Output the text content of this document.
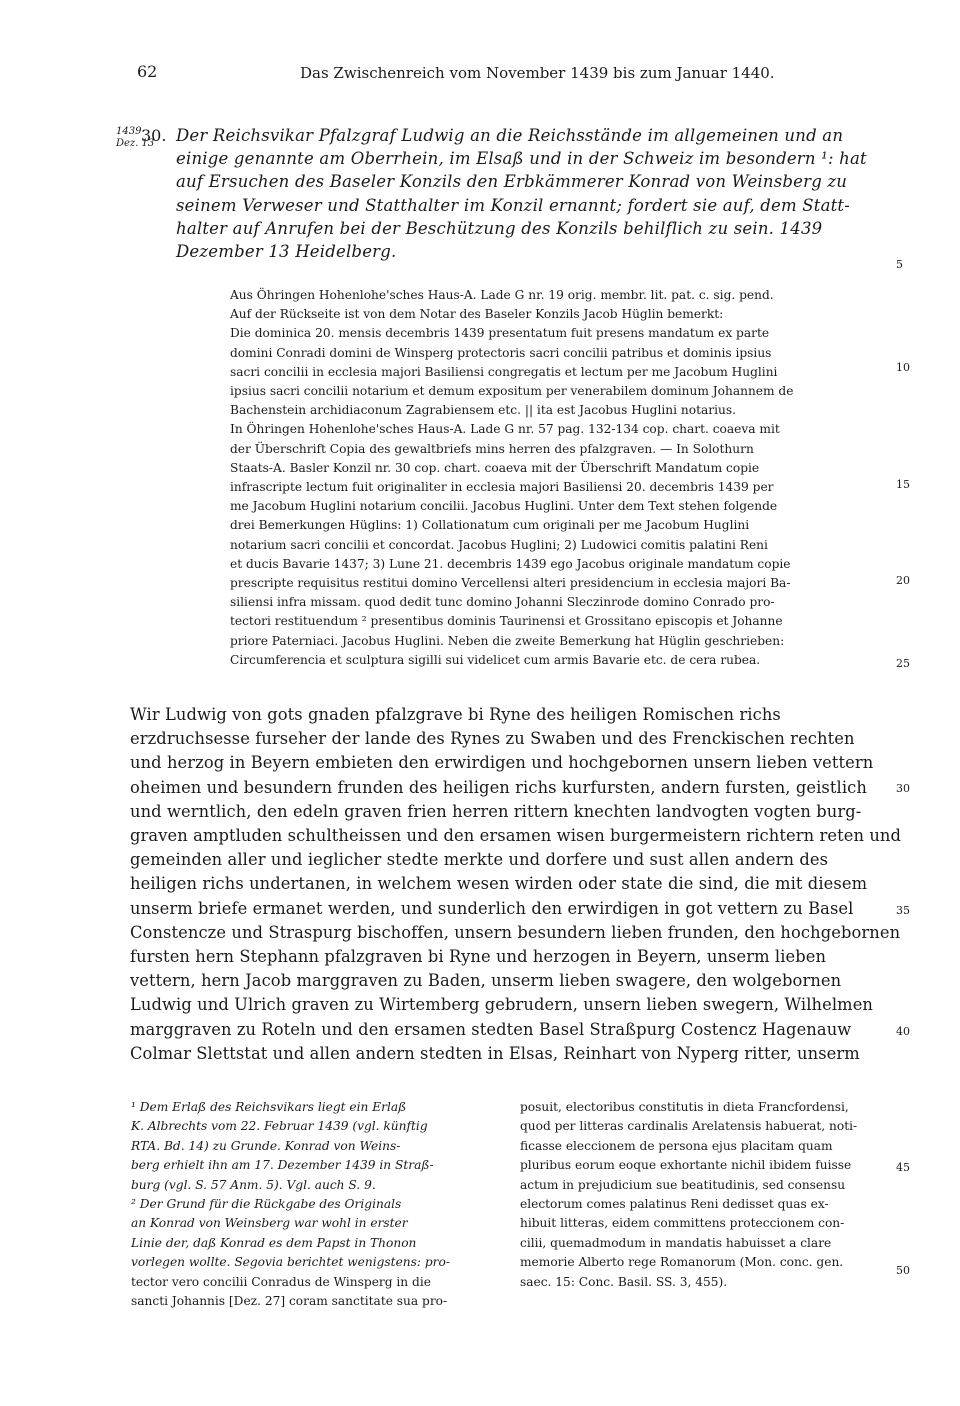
62	Das Zwischenreich vom November 1439 bis zum Januar 1440.
1439
Dez. 13
30. Der Reichsvikar Pfalzgraf Ludwig an die Reichsstände im allgemeinen und an
einige genannte am Oberrhein, im Elsaß und in der Schweiz im besondern ¹: hat
auf Ersuchen des Baseler Konzils den Erbkämmerer Konrad von Weinsberg zu
seinem Verweser und Statthalter im Konzil ernannt; fordert sie auf, dem Statt-
halter auf Anrufen bei der Beschützung des Konzils behilflich zu sein. 1439
Dezember 13 Heidelberg.
Aus Öhringen Hohenlohe'sches Haus-A. Lade G nr. 19 orig. membr. lit. pat. c. sig. pend.
Auf der Rückseite ist von dem Notar des Baseler Konzils Jacob Hüglin bemerkt:
Die dominica 20. mensis decembris 1439 presentatum fuit presens mandatum ex parte
domini Conradi domini de Winsperg protectoris sacri concilii patribus et dominis ipsius
sacri concilii in ecclesia majori Basiliensi congregatis et lectum per me Jacobum Huglini
ipsius sacri concilii notarium et demum expositum per venerabilem dominum Johannem de
Bachenstein archidiaconum Zagrabiensem etc. || ita est Jacobus Huglini notarius.
In Öhringen Hohenlohe'sches Haus-A. Lade G nr. 57 pag. 132-134 cop. chart. coaeva mit
der Überschrift Copia des gewaltbriefs mins herren des pfalzgraven. — In Solothurn
Staats-A. Basler Konzil nr. 30 cop. chart. coaeva mit der Überschrift Mandatum copie
infrascripte lectum fuit originaliter in ecclesia majori Basiliensi 20. decembris 1439 per
me Jacobum Huglini notarium concilii. Jacobus Huglini. Unter dem Text stehen folgende
drei Bemerkungen Hüglins: 1) Collationatum cum originali per me Jacobum Huglini
notarium sacri concilii et concordat. Jacobus Huglini; 2) Ludowici comitis palatini Reni
et ducis Bavarie 1437; 3) Lune 21. decembris 1439 ego Jacobus originale mandatum copie
prescripte requisitus restitui domino Vercellensi alteri presidencium in ecclesia majori Ba-
siliensi infra missam. quod dedit tunc domino Johanni Sleczinrode domino Conrado pro-
tectori restituendum ² presentibus dominis Taurinensi et Grossitano episcopis et Johanne
priore Paterniaci. Jacobus Huglini. Neben die zweite Bemerkung hat Hüglin geschrieben:
Circumferencia et sculptura sigilli sui videlicet cum armis Bavarie etc. de cera rubea.
Wir Ludwig von gots gnaden pfalzgrave bi Ryne des heiligen Romischen richs
erzdruchsesse furseher der lande des Rynes zu Swaben und des Frenckischen rechten
und herzog in Beyern embieten den erwirdigen und hochgebornen unsern lieben vettern
oheimen und besundern frunden des heiligen richs kurfursten, andern fursten, geistlich
und werntlich, den edeln graven frien herren rittern knechten landvogten vogten burg-
graven amptluden schultheissen und den ersamen wisen burgermeistern richtern reten und
gemeinden aller und ieglicher stedte merkte und dorfere und sust allen andern des
heiligen richs undertanen, in welchem wesen wirden oder state die sind, die mit diesem
unserm briefe ermanet werden, und sunderlich den erwirdigen in got vettern zu Basel
Constencze und Straspurg bischoffen, unsern besundern lieben frunden, den hochgebornen
fursten hern Stephann pfalzgraven bi Ryne und herzogen in Beyern, unserm lieben
vettern, hern Jacob marggraven zu Baden, unserm lieben swagere, den wolgebornen
Ludwig und Ulrich graven zu Wirtemberg gebrudern, unsern lieben swegern, Wilhelmen
marggraven zu Roteln und den ersamen stedten Basel Straßpurg Costencz Hagenauw
Colmar Slettstat und allen andern stedten in Elsas, Reinhart von Nyperg ritter, unserm
¹ Dem Erlaß des Reichsvikars liegt ein Erlaß
K. Albrechts vom 22. Februar 1439 (vgl. künftig
RTA. Bd. 14) zu Grunde. Konrad von Weins-
berg erhielt ihn am 17. Dezember 1439 in Straß-
burg (vgl. S. 57 Anm. 5). Vgl. auch S. 9.
² Der Grund für die Rückgabe des Originals
an Konrad von Weinsberg war wohl in erster
Linie der, daß Konrad es dem Papst in Thonon
vorlegen wollte. Segovia berichtet wenigstens: pro-
tector vero concilii Conradus de Winsperg in die
sancti Johannis [Dez. 27] coram sanctitate sua pro-
posuit, electoribus constitutis in dieta Francfordensi,
quod per litteras cardinalis Arelatensis habuerat, noti-
ficasse eleccionem de persona ejus placitam quam
pluribus eorum eoque exhortante nichil ibidem fuisse
actum in prejudicium sue beatitudinis, sed consensu
electorum comes palatinus Reni dedisset quas ex-
hibuit litteras, eidem committens proteccionem con-
cilii, quemadmodum in mandatis habuisset a clare
memorie Alberto rege Romanorum (Mon. conc. gen.
saec. 15: Conc. Basil. SS. 3, 455).
5
10
15
20
25
30
35
40
45
50
